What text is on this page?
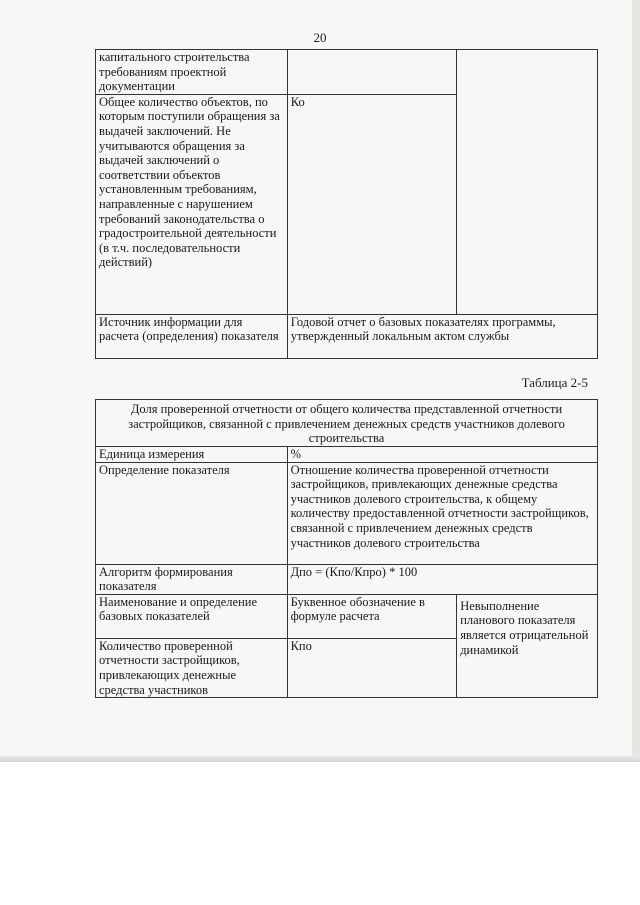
20
капитального строительства требованиям проектной документации		
Общее количество объектов, по которым поступили обращения за выдачей заключений. Не учитываются обращения за выдачей заключений о соответствии объектов установленным требованиям, направленные с нарушением требований законодательства о градостроительной деятельности (в т.ч. последовательности действий)	Ко	
Источник информации для расчета (определения) показателя	Годовой отчет о базовых показателях программы, утвержденный локальным актом службы	
Таблица 2-5
Доля проверенной отчетности от общего количества представленной отчетности застройщиков, связанной с привлечением денежных средств участников долевого строительства		
Единица измерения	%	
Определение показателя	Отношение количества проверенной отчетности застройщиков, привлекающих денежные средства участников долевого строительства, к общему количеству предоставленной отчетности застройщиков, связанной с привлечением денежных средств участников долевого строительства	
Алгоритм формирования показателя	Дпо = (Кпо/Кпро) * 100	
Наименование и определение базовых показателей	Буквенное обозначение в формуле расчета	Невыполнение планового показателя является отрицательной динамикой
Количество проверенной отчетности застройщиков, привлекающих денежные средства участников	Кпо	
